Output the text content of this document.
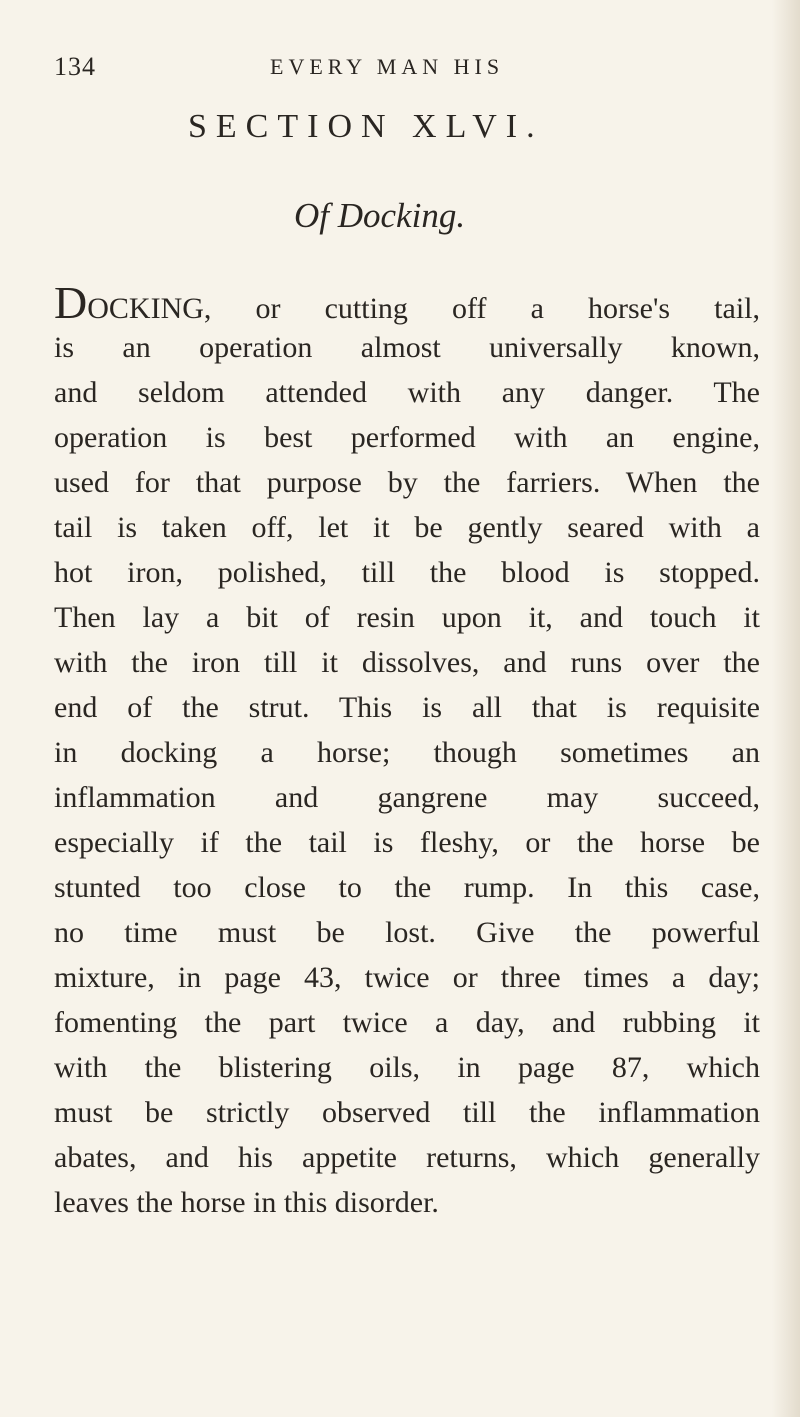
134	EVERY MAN HIS
SECTION XLVI.
Of Docking.
DOCKING, or cutting off a horse's tail,
is an operation almost universally known,
and seldom attended with any danger. The
operation is best performed with an engine,
used for that purpose by the farriers. When the
tail is taken off, let it be gently seared with a
hot iron, polished, till the blood is stopped.
Then lay a bit of resin upon it, and touch it
with the iron till it dissolves, and runs over the
end of the strut. This is all that is requisite
in docking a horse; though sometimes an
inflammation and gangrene may succeed,
especially if the tail is fleshy, or the horse be
stunted too close to the rump. In this case,
no time must be lost. Give the powerful
mixture, in page 43, twice or three times a day;
fomenting the part twice a day, and rubbing it
with the blistering oils, in page 87, which
must be strictly observed till the inflammation
abates, and his appetite returns, which generally
leaves the horse in this disorder.
